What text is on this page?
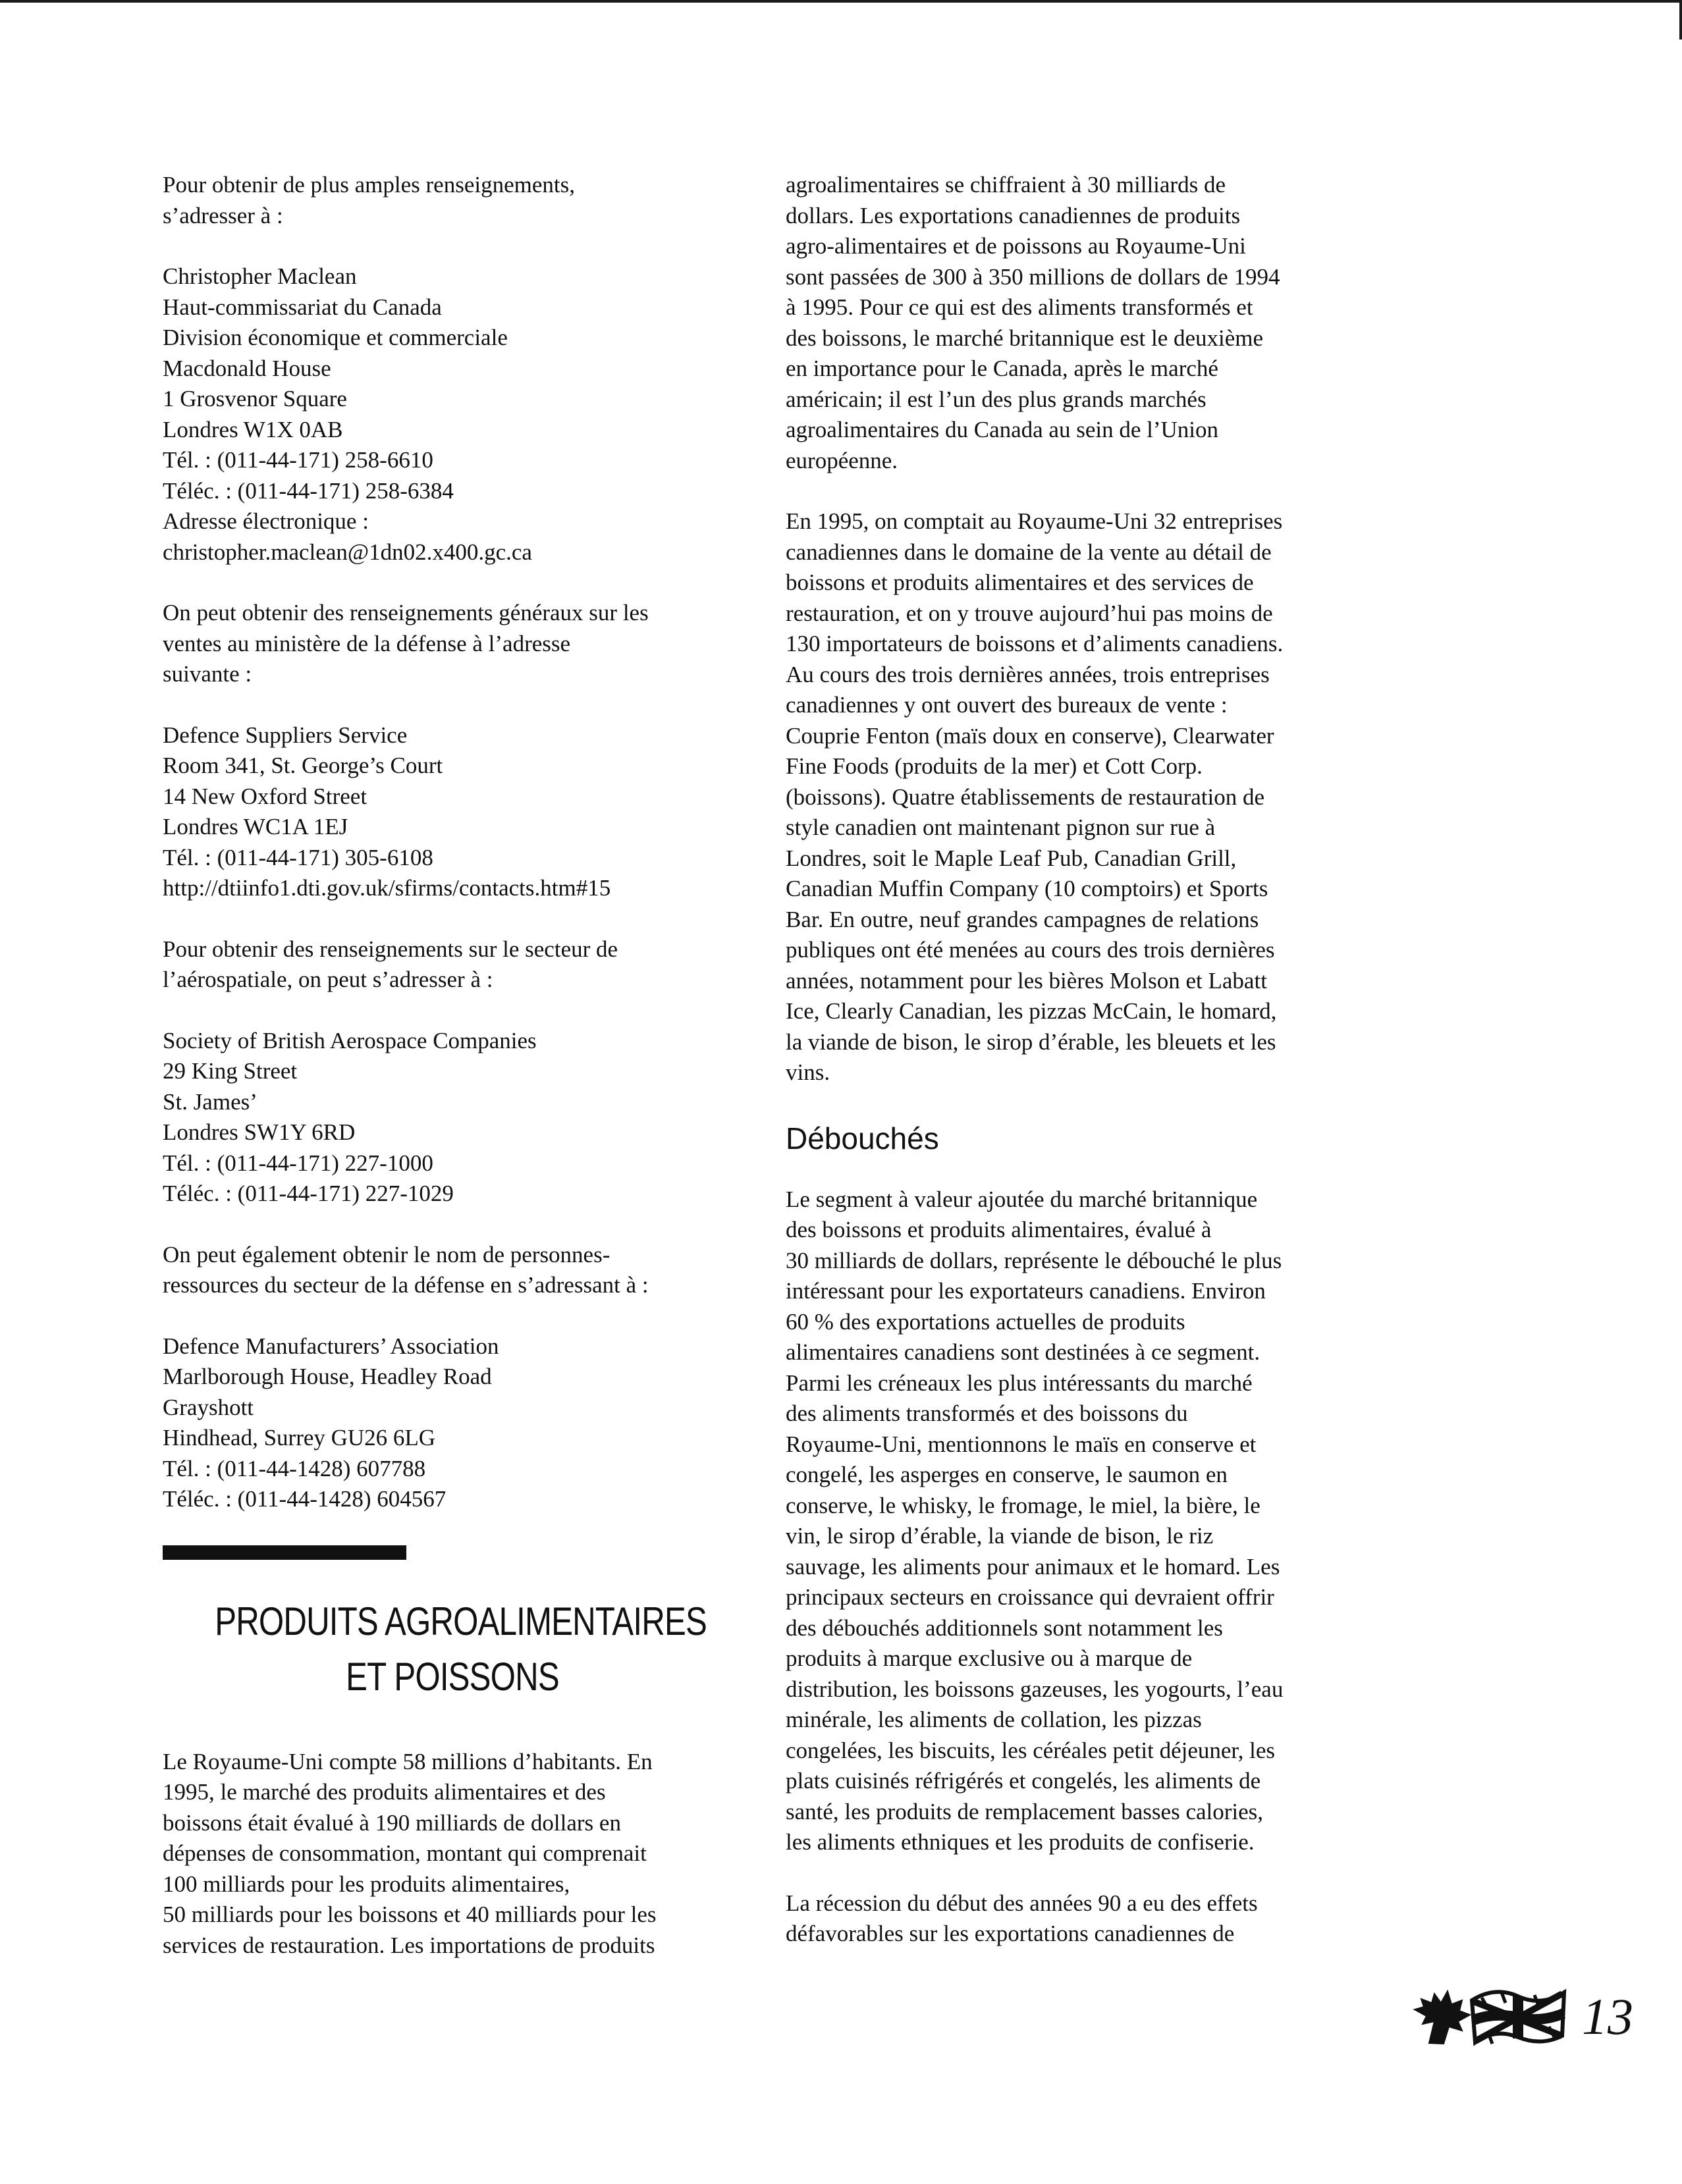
Pour obtenir de plus amples renseignements,
s’adresser à :

Christopher Maclean
Haut-commissariat du Canada
Division économique et commerciale
Macdonald House
1 Grosvenor Square
Londres W1X 0AB
Tél. : (011-44-171) 258-6610
Téléc. : (011-44-171) 258-6384
Adresse électronique :
christopher.maclean@1dn02.x400.gc.ca

On peut obtenir des renseignements généraux sur les
ventes au ministère de la défense à l’adresse
suivante :

Defence Suppliers Service
Room 341, St. George’s Court
14 New Oxford Street
Londres WC1A 1EJ
Tél. : (011-44-171) 305-6108
http://dtiinfo1.dti.gov.uk/sfirms/contacts.htm#15

Pour obtenir des renseignements sur le secteur de
l’aérospatiale, on peut s’adresser à :

Society of British Aerospace Companies
29 King Street
St. James’
Londres SW1Y 6RD
Tél. : (011-44-171) 227-1000
Téléc. : (011-44-171) 227-1029

On peut également obtenir le nom de personnes-
ressources du secteur de la défense en s’adressant à :

Defence Manufacturers’ Association
Marlborough House, Headley Road
Grayshott
Hindhead, Surrey GU26 6LG
Tél. : (011-44-1428) 607788
Téléc. : (011-44-1428) 604567

PRODUITS AGROALIMENTAIRES
ET POISSONS

Le Royaume-Uni compte 58 millions d’habitants. En
1995, le marché des produits alimentaires et des
boissons était évalué à 190 milliards de dollars en
dépenses de consommation, montant qui comprenait
100 milliards pour les produits alimentaires,
50 milliards pour les boissons et 40 milliards pour les
services de restauration. Les importations de produits

agroalimentaires se chiffraient à 30 milliards de
dollars. Les exportations canadiennes de produits
agro-alimentaires et de poissons au Royaume-Uni
sont passées de 300 à 350 millions de dollars de 1994
à 1995. Pour ce qui est des aliments transformés et
des boissons, le marché britannique est le deuxième
en importance pour le Canada, après le marché
américain; il est l’un des plus grands marchés
agroalimentaires du Canada au sein de l’Union
européenne.

En 1995, on comptait au Royaume-Uni 32 entreprises
canadiennes dans le domaine de la vente au détail de
boissons et produits alimentaires et des services de
restauration, et on y trouve aujourd’hui pas moins de
130 importateurs de boissons et d’aliments canadiens.
Au cours des trois dernières années, trois entreprises
canadiennes y ont ouvert des bureaux de vente :
Couprie Fenton (maïs doux en conserve), Clearwater
Fine Foods (produits de la mer) et Cott Corp.
(boissons). Quatre établissements de restauration de
style canadien ont maintenant pignon sur rue à
Londres, soit le Maple Leaf Pub, Canadian Grill,
Canadian Muffin Company (10 comptoirs) et Sports
Bar. En outre, neuf grandes campagnes de relations
publiques ont été menées au cours des trois dernières
années, notamment pour les bières Molson et Labatt
Ice, Clearly Canadian, les pizzas McCain, le homard,
la viande de bison, le sirop d’érable, les bleuets et les
vins.

Débouchés

Le segment à valeur ajoutée du marché britannique
des boissons et produits alimentaires, évalué à
30 milliards de dollars, représente le débouché le plus
intéressant pour les exportateurs canadiens. Environ
60 % des exportations actuelles de produits
alimentaires canadiens sont destinées à ce segment.
Parmi les créneaux les plus intéressants du marché
des aliments transformés et des boissons du
Royaume-Uni, mentionnons le maïs en conserve et
congelé, les asperges en conserve, le saumon en
conserve, le whisky, le fromage, le miel, la bière, le
vin, le sirop d’érable, la viande de bison, le riz
sauvage, les aliments pour animaux et le homard. Les
principaux secteurs en croissance qui devraient offrir
des débouchés additionnels sont notamment les
produits à marque exclusive ou à marque de
distribution, les boissons gazeuses, les yogourts, l’eau
minérale, les aliments de collation, les pizzas
congelées, les biscuits, les céréales petit déjeuner, les
plats cuisinés réfrigérés et congelés, les aliments de
santé, les produits de remplacement basses calories,
les aliments ethniques et les produits de confiserie.

La récession du début des années 90 a eu des effets
défavorables sur les exportations canadiennes de

13
